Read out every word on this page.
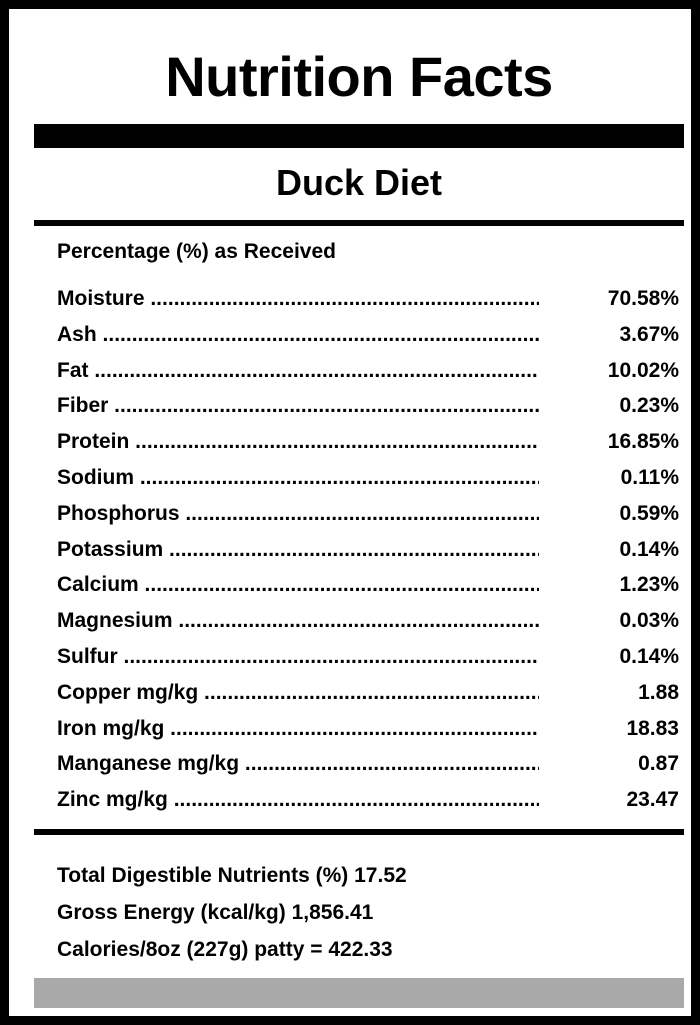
Nutrition Facts
Duck Diet
Percentage (%) as Received
Moisture .....	70.58%
Ash .....	3.67%
Fat .....	10.02%
Fiber .....	0.23%
Protein .....	16.85%
Sodium .....	0.11%
Phosphorus .....	0.59%
Potassium .....	0.14%
Calcium .....	1.23%
Magnesium .....	0.03%
Sulfur .....	0.14%
Copper mg/kg .....	1.88
Iron mg/kg .....	18.83
Manganese mg/kg .....	0.87
Zinc mg/kg .....	23.47
Total Digestible Nutrients (%) 17.52
Gross Energy (kcal/kg) 1,856.41
Calories/8oz (227g) patty = 422.33
